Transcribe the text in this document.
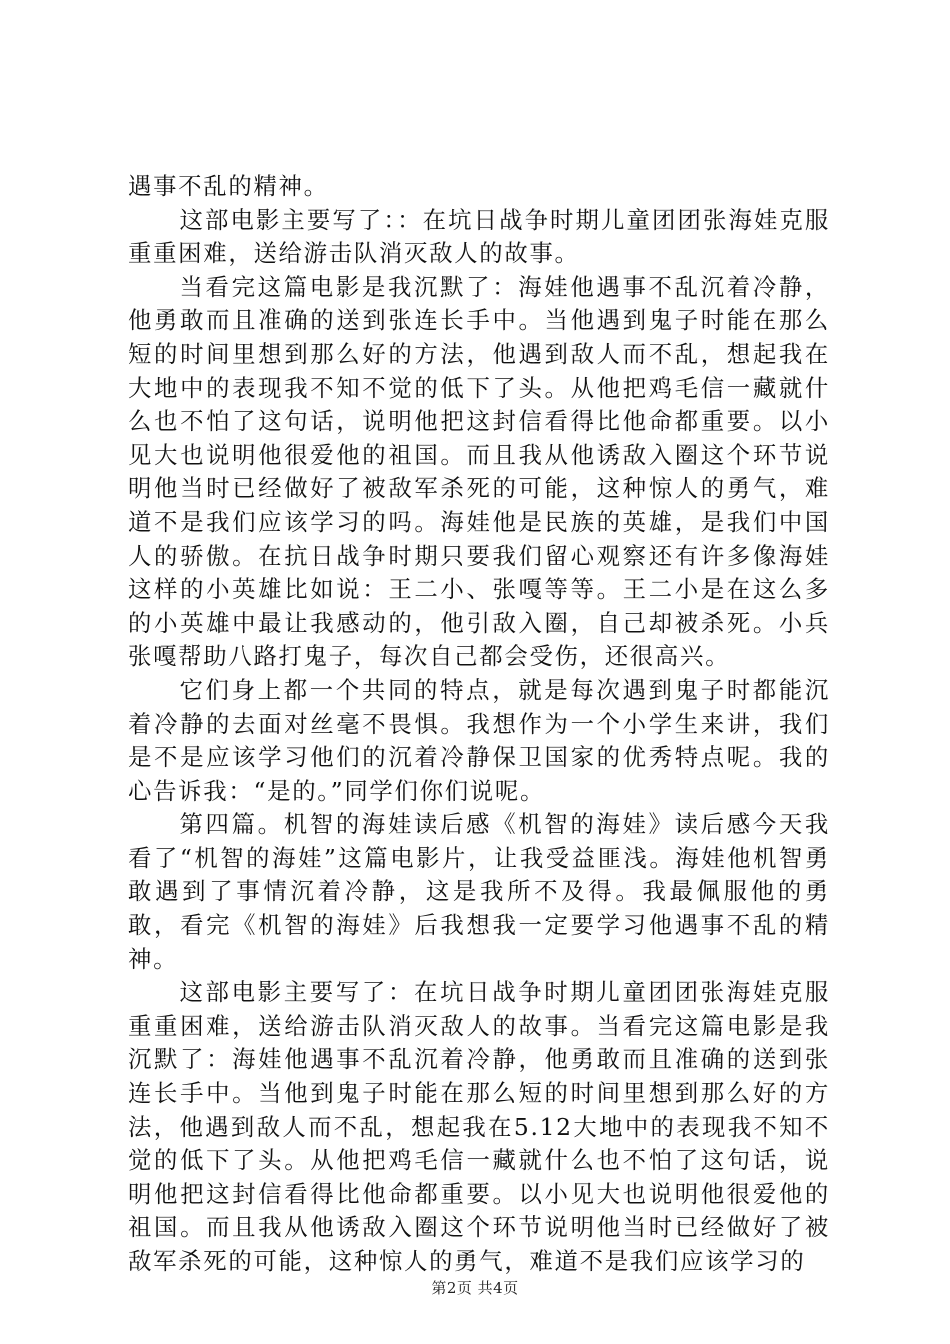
遇事不乱的精神。

这部电影主要写了：：在坑日战争时期儿童团团张海娃克服重重困难，送给游击队消灭敌人的故事。

当看完这篇电影是我沉默了：海娃他遇事不乱沉着冷静，他勇敢而且准确的送到张连长手中。当他遇到鬼子时能在那么短的时间里想到那么好的方法，他遇到敌人而不乱，想起我在大地中的表现我不知不觉的低下了头。从他把鸡毛信一藏就什么也不怕了这句话，说明他把这封信看得比他命都重要。以小见大也说明他很爱他的祖国。而且我从他诱敌入圈这个环节说明他当时已经做好了被敌军杀死的可能，这种惊人的勇气，难道不是我们应该学习的吗。海娃他是民族的英雄，是我们中国人的骄傲。在抗日战争时期只要我们留心观察还有许多像海娃这样的小英雄比如说：王二小、张嘎等等。王二小是在这么多的小英雄中最让我感动的，他引敌入圈，自己却被杀死。小兵张嘎帮助八路打鬼子，每次自己都会受伤，还很高兴。

它们身上都一个共同的特点，就是每次遇到鬼子时都能沉着冷静的去面对丝毫不畏惧。我想作为一个小学生来讲，我们是不是应该学习他们的沉着冷静保卫国家的优秀特点呢。我的心告诉我：“是的。”同学们你们说呢。

第四篇。机智的海娃读后感《机智的海娃》读后感今天我看了“机智的海娃”这篇电影片，让我受益匪浅。海娃他机智勇敢遇到了事情沉着冷静，这是我所不及得。我最佩服他的勇敢，看完《机智的海娃》后我想我一定要学习他遇事不乱的精神。

这部电影主要写了：在坑日战争时期儿童团团张海娃克服重重困难，送给游击队消灭敌人的故事。当看完这篇电影是我沉默了：海娃他遇事不乱沉着冷静，他勇敢而且准确的送到张连长手中。当他到鬼子时能在那么短的时间里想到那么好的方法，他遇到敌人而不乱，想起我在5.12大地中的表现我不知不觉的低下了头。从他把鸡毛信一藏就什么也不怕了这句话，说明他把这封信看得比他命都重要。以小见大也说明他很爱他的祖国。而且我从他诱敌入圈这个环节说明他当时已经做好了被敌军杀死的可能，这种惊人的勇气，难道不是我们应该学习的

第2页 共4页
